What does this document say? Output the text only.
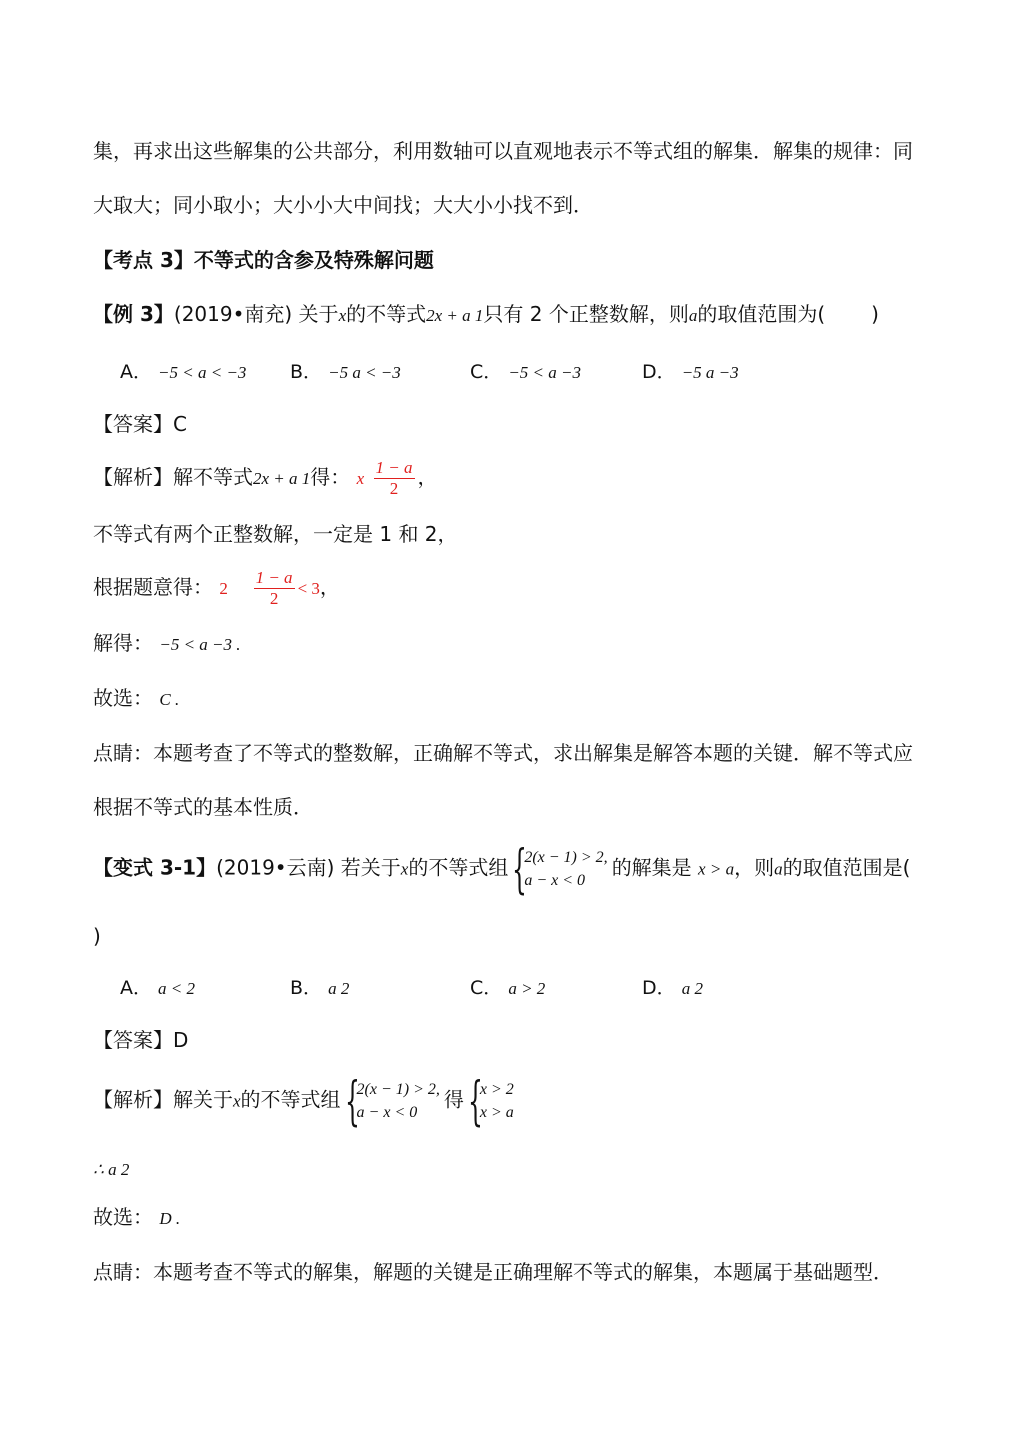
集，再求出这些解集的公共部分，利用数轴可以直观地表示不等式组的解集．解集的规律：同
大取大；同小取小；大小小大中间找；大大小小找不到．
【考点 3】不等式的含参及特殊解问题
【例 3】(2019•南充) 关于x的不等式2x + a 1只有 2 个正整数解，则a的取值范围为( )
A． −5 < a < −3 B． −5 a < −3	C． −5 < a −3	D． −5 a −3
【答案】C
【解析】解不等式2x + a 1得： x $\frac{1 - a}{2}$ ，
不等式有两个正整数解，一定是 1 和 2，
根据题意得： $2 \frac{1 - a}{2} < 3$，
解得： −5 < a −3 .
故选： C .
点睛：本题考查了不等式的整数解，正确解不等式，求出解集是解答本题的关键．解不等式应
根据不等式的基本性质．
【变式 3-1】(2019•云南) 若关于x的不等式组 {
2(x − 1) > 2,
a − x < 0
的解集是 x > a，则a的取值范围是(
)
A． a < 2	B． a 2	C． a > 2	D． a 2
【答案】D
【解析】解关于x的不等式组 {
2(x − 1) > 2,
a − x < 0
得 {
x > 2
x > a
∴ a 2
故选： D .
点睛：本题考查不等式的解集，解题的关键是正确理解不等式的解集，本题属于基础题型．
